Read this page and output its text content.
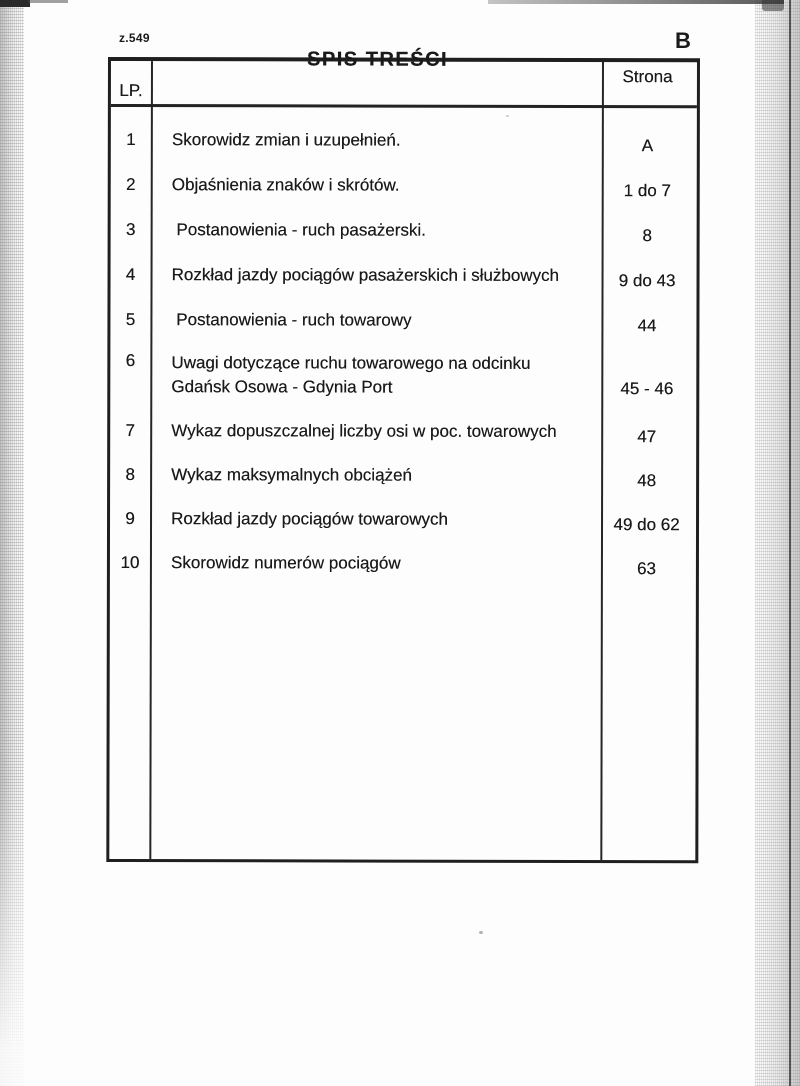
z.549	B
LP.
SPIS TREŚCI
Strona
1	Skorowidz zmian i uzupełnień.	A
2	Objaśnienia znaków i skrótów.	1 do 7
3	Postanowienia - ruch pasażerski.	8
4	Rozkład jazdy pociągów pasażerskich i służbowych	9 do 43
5	Postanowienia - ruch towarowy	44
6	Uwagi dotyczące ruchu towarowego na odcinku
Gdańsk Osowa - Gdynia Port	45 - 46
7	Wykaz dopuszczalnej liczby osi w poc. towarowych	47
8	Wykaz maksymalnych obciążeń	48
9	Rozkład jazdy pociągów towarowych	49 do 62
10	Skorowidz numerów pociągów	63
